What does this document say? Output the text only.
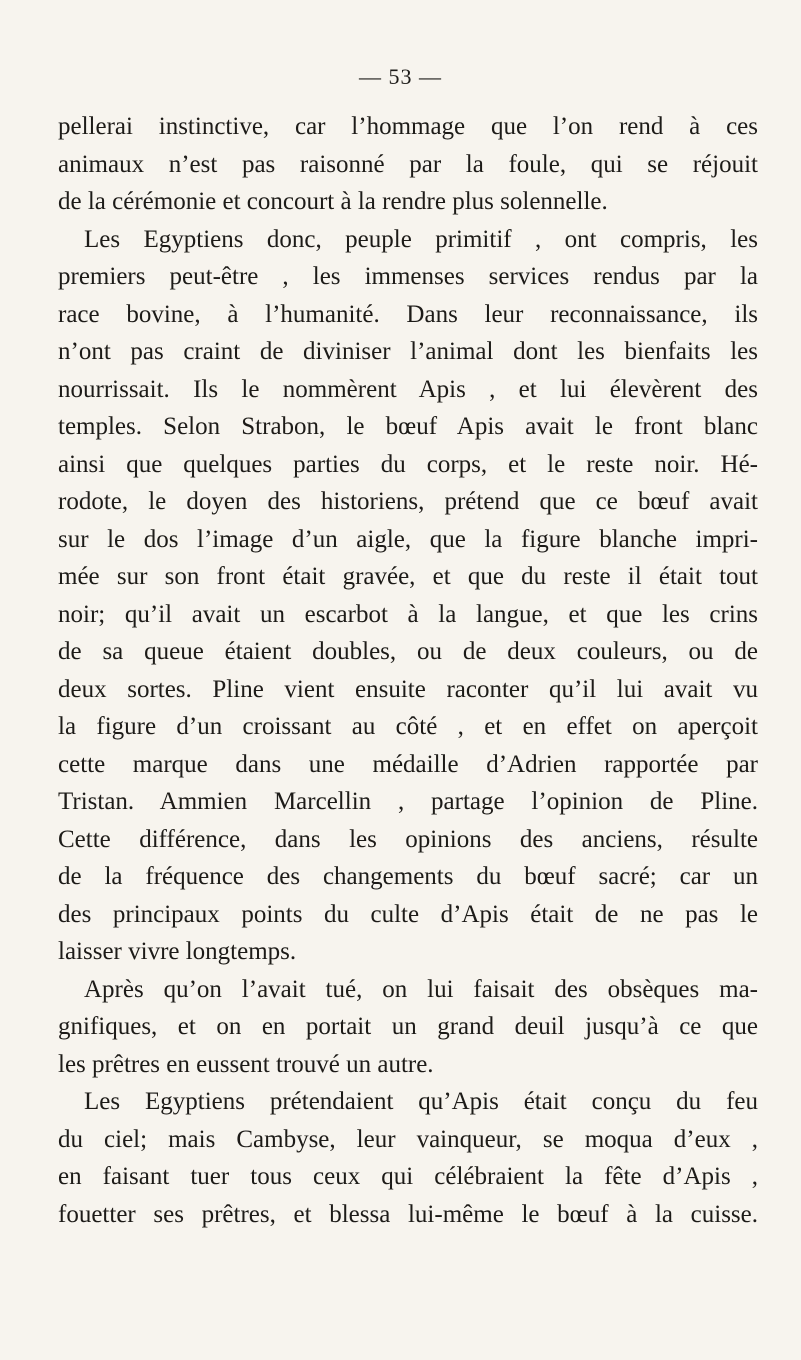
— 53 —
pellerai instinctive, car l’hommage que l’on rend à ces
animaux n’est pas raisonné par la foule, qui se réjouit
de la cérémonie et concourt à la rendre plus solennelle.
Les Egyptiens donc, peuple primitif , ont compris, les
premiers peut-être , les immenses services rendus par la
race bovine, à l’humanité. Dans leur reconnaissance, ils
n’ont pas craint de diviniser l’animal dont les bienfaits les
nourrissait. Ils le nommèrent Apis , et lui élevèrent des
temples. Selon Strabon, le bœuf Apis avait le front blanc
ainsi que quelques parties du corps, et le reste noir. Hé-
rodote, le doyen des historiens, prétend que ce bœuf avait
sur le dos l’image d’un aigle, que la figure blanche impri-
mée sur son front était gravée, et que du reste il était tout
noir; qu’il avait un escarbot à la langue, et que les crins
de sa queue étaient doubles, ou de deux couleurs, ou de
deux sortes. Pline vient ensuite raconter qu’il lui avait vu
la figure d’un croissant au côté , et en effet on aperçoit
cette marque dans une médaille d’Adrien rapportée par
Tristan. Ammien Marcellin , partage l’opinion de Pline.
Cette différence, dans les opinions des anciens, résulte
de la fréquence des changements du bœuf sacré; car un
des principaux points du culte d’Apis était de ne pas le
laisser vivre longtemps.
Après qu’on l’avait tué, on lui faisait des obsèques ma-
gnifiques, et on en portait un grand deuil jusqu’à ce que
les prêtres en eussent trouvé un autre.
Les Egyptiens prétendaient qu’Apis était conçu du feu
du ciel; mais Cambyse, leur vainqueur, se moqua d’eux ,
en faisant tuer tous ceux qui célébraient la fête d’Apis ,
fouetter ses prêtres, et blessa lui-même le bœuf à la cuisse.
